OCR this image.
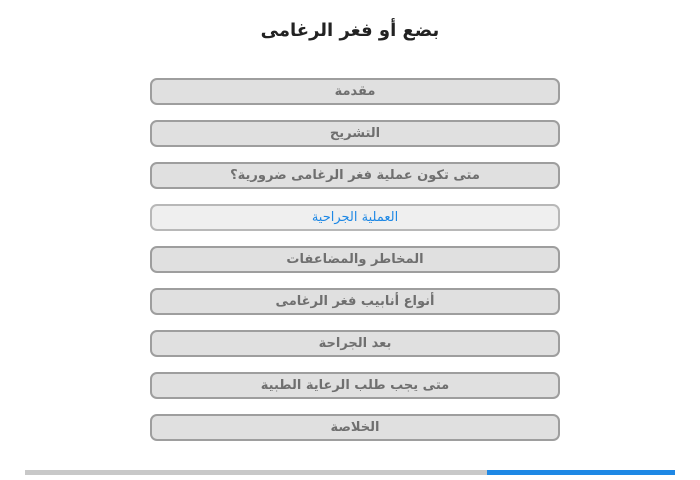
بضع أو فغر الرغامى
مقدمة
التشريح
متى تكون عملية فغر الرغامى ضرورية؟
العملية الجراحية
المخاطر والمضاعفات
أنواع أنابيب فغر الرغامى
بعد الجراحة
متى يجب طلب الرعاية الطبية
الخلاصة
